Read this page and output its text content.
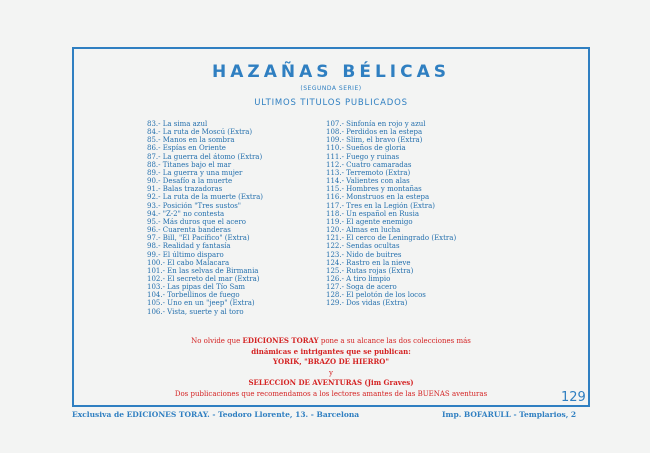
HAZAÑAS BÉLICAS
(SEGUNDA SERIE)
ULTIMOS TITULOS PUBLICADOS
83.- La sima azul
84.- La ruta de Moscú (Extra)
85.- Manos en la sombra
86.- Espías en Oriente
87.- La guerra del átomo (Extra)
88.- Titanes bajo el mar
89.- La guerra y una mujer
90.- Desafío a la muerte
91.- Balas trazadoras
92.- La ruta de la muerte (Extra)
93.- Posición "Tres sustos"
94.- "Z-2" no contesta
95.- Más duros que el acero
96.- Cuarenta banderas
97.- Bill, "El Pacífico" (Extra)
98.- Realidad y fantasía
99.- El último disparo
100.- El cabo Malacara
101.- En las selvas de Birmania
102.- El secreto del mar (Extra)
103.- Las pipas del Tío Sam
104.- Torbellinos de fuego
105.- Uno en un "jeep" (Extra)
106.- Vista, suerte y al toro
107.- Sinfonía en rojo y azul
108.- Perdidos en la estepa
109.- Slim, el bravo (Extra)
110.- Sueños de gloria
111.- Fuego y ruinas
112.- Cuatro camaradas
113.- Terremoto (Extra)
114.- Valientes con alas
115.- Hombres y montañas
116.- Monstruos en la estepa
117.- Tres en la Legión (Extra)
118.- Un español en Rusia
119.- El agente enemigo
120.- Almas en lucha
121.- El cerco de Leningrado (Extra)
122.- Sendas ocultas
123.- Nido de buitres
124.- Rastro en la nieve
125.- Rutas rojas (Extra)
126.- A tiro limpio
127.- Soga de acero
128.- El pelotón de los locos
129.- Dos vidas (Extra)
No olvide que EDICIONES TORAY pone a su alcance las dos colecciones más
dinámicas e intrigantes que se publican:
YORIK, "BRAZO DE HIERRO"
y
SELECCION DE AVENTURAS (Jim Graves)
Dos publicaciones que recomendamos a los lectores amantes de las BUENAS aventuras	129
Exclusiva de EDICIONES TORAY. - Teodoro Llorente, 13. - Barcelona	Imp. BOFARULL - Templarios, 2
